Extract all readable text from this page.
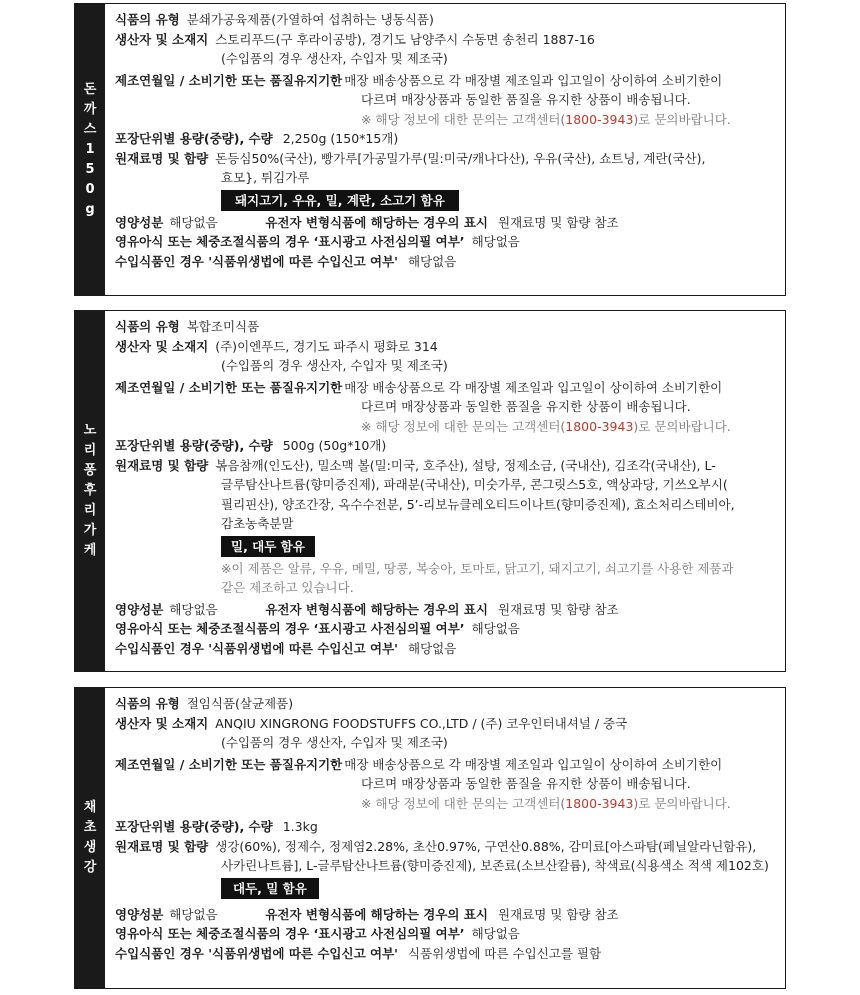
돈까스150g
식품의 유형 분쇄가공육제품(가열하여 섭취하는 냉동식품)
생산자 및 소재지 스토리푸드(구 후라이공방), 경기도 남양주시 수동면 송천리 1887-16
(수입품의 경우 생산자, 수입자 및 제조국)
제조연월일 / 소비기한 또는 품질유지기한 매장 배송상품으로 각 매장별 제조일과 입고일이 상이하여 소비기한이
다르며 매장상품과 동일한 품질을 유지한 상품이 배송됩니다.
※ 해당 정보에 대한 문의는 고객센터(1800-3943)로 문의바랍니다.
포장단위별 용량(중량), 수량 2,250g (150*15개)
원재료명 및 함량 돈등심50%(국산), 빵가루[가공밀가루(밀:미국/캐나다산), 우유(국산), 쇼트닝, 계란(국산),
효모}, 튀김가루
돼지고기, 우유, 밀, 계란, 소고기 함유
영양성분 해당없음	유전자 변형식품에 해당하는 경우의 표시 원재료명 및 함량 참조
영유아식 또는 체중조절식품의 경우 ‘표시광고 사전심의필 여부’ 해당없음
수입식품인 경우 '식품위생법에 따른 수입신고 여부' 해당없음
노리퐁후리가케
식품의 유형 복합조미식품
생산자 및 소재지 (주)이엔푸드, 경기도 파주시 평화로 314
(수입품의 경우 생산자, 수입자 및 제조국)
제조연월일 / 소비기한 또는 품질유지기한 매장 배송상품으로 각 매장별 제조일과 입고일이 상이하여 소비기한이
다르며 매장상품과 동일한 품질을 유지한 상품이 배송됩니다.
※ 해당 정보에 대한 문의는 고객센터(1800-3943)로 문의바랍니다.
포장단위별 용량(중량), 수량 500g (50g*10개)
원재료명 및 함량 볶음참깨(인도산), 밀소맥 볼(밀:미국, 호주산), 설탕, 정제소금, (국내산), 김조각(국내산), L-
글루탐산나트륨(향미증진제), 파래분(국내산), 미숫가루, 콘그릿스5호, 액상과당, 기쓰오부시(
필리핀산), 양조간장, 옥수수전분, 5’-리보뉴클레오티드이나트(향미증진제), 효소처리스테비아,
감초농축분말
밀, 대두 함유
※이 제품은 알류, 우유, 메밀, 땅콩, 복숭아, 토마토, 닭고기, 돼지고기, 쇠고기를 사용한 제품과
같은 제조하고 있습니다.
영양성분 해당없음	유전자 변형식품에 해당하는 경우의 표시 원재료명 및 함량 참조
영유아식 또는 체중조절식품의 경우 ‘표시광고 사전심의필 여부’ 해당없음
수입식품인 경우 '식품위생법에 따른 수입신고 여부' 해당없음
채초생강
식품의 유형 절임식품(살균제품)
생산자 및 소재지 ANQIU XINGRONG FOODSTUFFS CO.,LTD / (주) 코우인터내셔널 / 중국
(수입품의 경우 생산자, 수입자 및 제조국)
제조연월일 / 소비기한 또는 품질유지기한 매장 배송상품으로 각 매장별 제조일과 입고일이 상이하여 소비기한이
다르며 매장상품과 동일한 품질을 유지한 상품이 배송됩니다.
※ 해당 정보에 대한 문의는 고객센터(1800-3943)로 문의바랍니다.
포장단위별 용량(중량), 수량 1.3kg
원재료명 및 함량 생강(60%), 정제수, 정제염2.28%, 초산0.97%, 구연산0.88%, 감미료[아스파탐(페닐알라닌함유),
사카린나트륨], L-글루탐산나트륨(향미증진제), 보존료(소브산칼륨), 착색료(식용색소 적색 제102호)
대두, 밀 함유
영양성분 해당없음	유전자 변형식품에 해당하는 경우의 표시 원재료명 및 함량 참조
영유아식 또는 체중조절식품의 경우 ‘표시광고 사전심의필 여부’ 해당없음
수입식품인 경우 '식품위생법에 따른 수입신고 여부' 식품위생법에 따른 수입신고를 필함
